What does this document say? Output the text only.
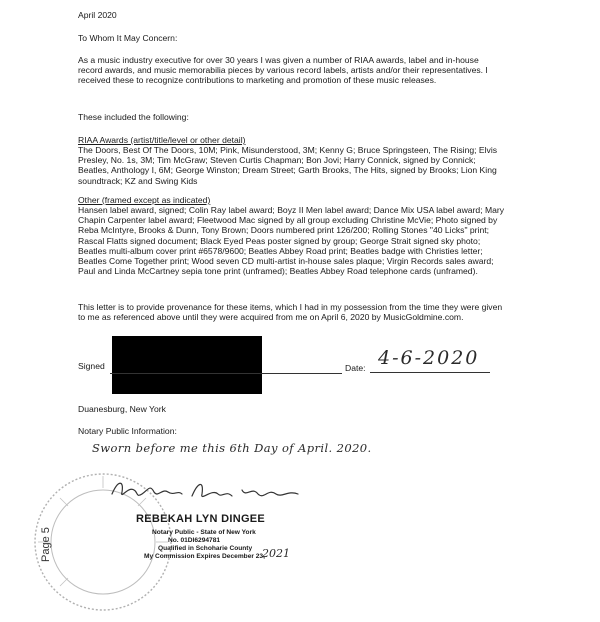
April 2020
To Whom It May Concern:
As a music industry executive for over 30 years I was given a number of RIAA awards, label and in-house record awards, and music memorabilia pieces by various record labels, artists and/or their representatives. I received these to recognize contributions to marketing and promotion of these music releases.
These included the following:
RIAA Awards (artist/title/level or other detail)
The Doors, Best Of The Doors, 10M; Pink, Misunderstood, 3M; Kenny G; Bruce Springsteen, The Rising; Elvis Presley, No. 1s, 3M; Tim McGraw; Steven Curtis Chapman; Bon Jovi; Harry Connick, signed by Connick; Beatles, Anthology I, 6M; George Winston; Dream Street; Garth Brooks, The Hits, signed by Brooks; Lion King soundtrack; KZ and Swing Kids
Other (framed except as indicated)
Hansen label award, signed; Colin Ray label award; Boyz II Men label award; Dance Mix USA label award; Mary Chapin Carpenter label award; Fleetwood Mac signed by all group excluding Christine McVie; Photo signed by Reba McIntyre, Brooks & Dunn, Tony Brown; Doors numbered print 126/200; Rolling Stones "40 Licks" print; Rascal Flatts signed document; Black Eyed Peas poster signed by group; George Strait signed sky photo; Beatles multi-album cover print #6578/9600; Beatles Abbey Road print; Beatles badge with Christies letter; Beatles Come Together print; Wood seven CD multi-artist in-house sales plaque; Virgin Records sales award; Paul and Linda McCartney sepia tone print (unframed); Beatles Abbey Road telephone cards (unframed).
This letter is to provide provenance for these items, which I had in my possession from the time they were given to me as referenced above until they were acquired from me on April 6, 2020 by MusicGoldmine.com.
Signed	Date: 4-6-2020
Duanesburg, New York
Notary Public Information:
Sworn before me this 6th Day of April. 2020.
REBEKAH LYN DINGEE
Notary Public - State of New York
No. 01DI6294781
Qualified in Schoharie County
My Commission Expires December 23,
2021
Page 5
